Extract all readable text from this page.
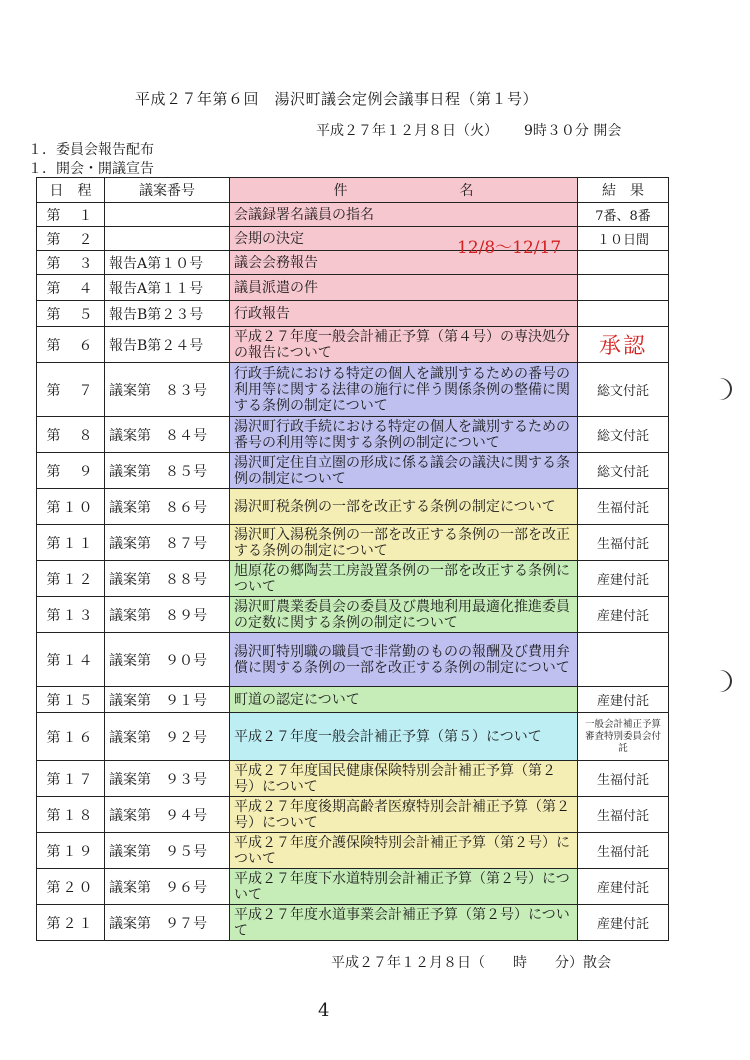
平成２７年第６回　湯沢町議会定例会議事日程（第１号）
平成２７年１２月８日（火） 9時３０分 開会
１．委員会報告配布
１．開会・開議宣告
日　程	議案番号	件　　　　　　　　名	結　果
第　１		会議録署名議員の指名	7番、8番
第　２		会期の決定	１０日間
第　３	報告A第１０号	議会会務報告	
第　４	報告A第１１号	議員派遣の件	
第　５	報告B第２３号	行政報告	
第　６	報告B第２４号	平成２７年度一般会計補正予算（第４号）の専決処分の報告について	承認
第　７	議案第　８３号	行政手続における特定の個人を識別するための番号の利用等に関する法律の施行に伴う関係条例の整備に関する条例の制定について	総文付託
第　８	議案第　８４号	湯沢町行政手続における特定の個人を識別するための番号の利用等に関する条例の制定について	総文付託
第　９	議案第　８５号	湯沢町定住自立圏の形成に係る議会の議決に関する条例の制定について	総文付託
第１０	議案第　８６号	湯沢町税条例の一部を改正する条例の制定について	生福付託
第１１	議案第　８７号	湯沢町入湯税条例の一部を改正する条例の一部を改正する条例の制定について	生福付託
第１２	議案第　８８号	旭原花の郷陶芸工房設置条例の一部を改正する条例について	産建付託
第１３	議案第　８９号	湯沢町農業委員会の委員及び農地利用最適化推進委員の定数に関する条例の制定について	産建付託
第１４	議案第　９０号	湯沢町特別職の職員で非常勤のものの報酬及び費用弁償に関する条例の一部を改正する条例の制定について	
第１５	議案第　９１号	町道の認定について	産建付託
第１６	議案第　９２号	平成２７年度一般会計補正予算（第５）について	一般会計補正予算審査特別委員会付託
第１７	議案第　９３号	平成２７年度国民健康保険特別会計補正予算（第２号）について	生福付託
第１８	議案第　９４号	平成２７年度後期高齢者医療特別会計補正予算（第２号）について	生福付託
第１９	議案第　９５号	平成２７年度介護保険特別会計補正予算（第２号）について	生福付託
第２０	議案第　９６号	平成２７年度下水道特別会計補正予算（第２号）について	産建付託
第２１	議案第　９７号	平成２７年度水道事業会計補正予算（第２号）について	産建付託
12/8～12/17
平成２７年１２月８日（　　時　　分）散会
4
